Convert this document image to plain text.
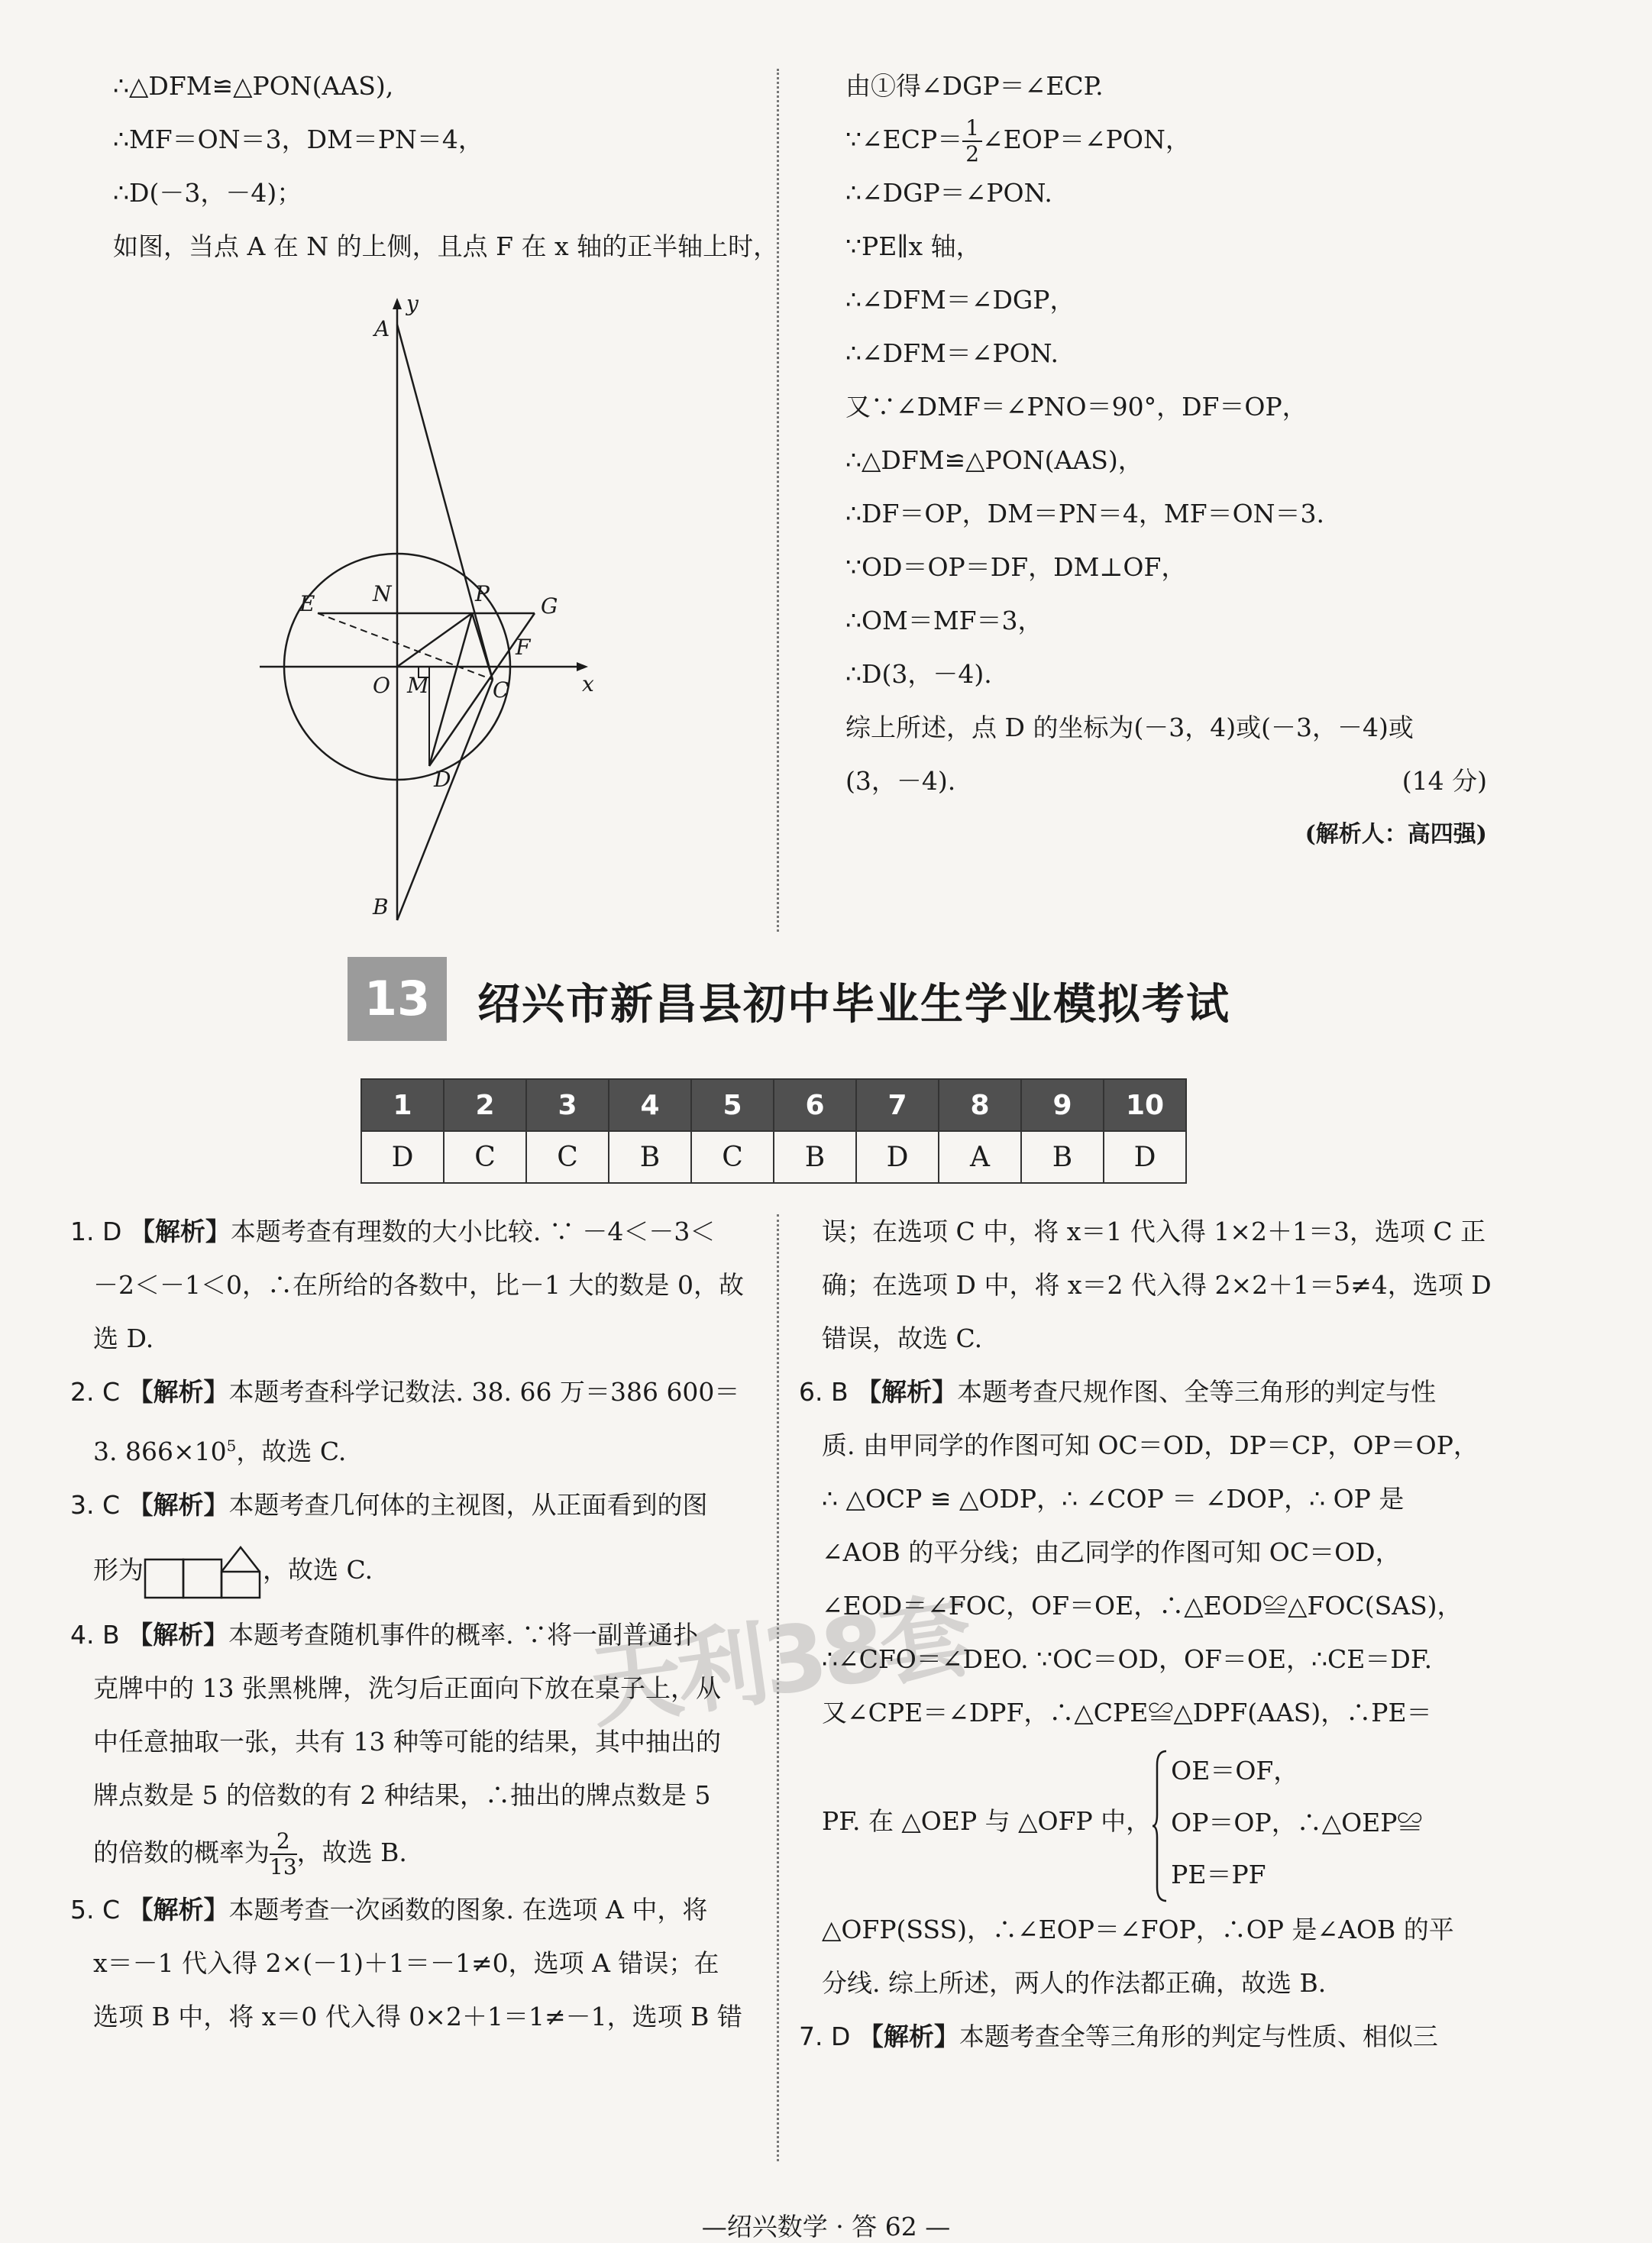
∴△DFM≌△PON(AAS),
∴MF＝ON＝3，DM＝PN＝4，
∴D(－3，－4)；
如图，当点 A 在 N 的上侧，且点 F 在 x 轴的正半轴上时，
y
x
A
E	N	P G
F
O M	C
D
B
由①得∠DGP＝∠ECP.
∵∠ECP＝ $\frac{1}{2}$ ∠EOP＝∠PON，
∴∠DGP＝∠PON.
∵PE∥x 轴，
∴∠DFM＝∠DGP，
∴∠DFM＝∠PON.
又∵∠DMF＝∠PNO＝90°，DF＝OP，
∴△DFM≌△PON(AAS)，
∴DF＝OP，DM＝PN＝4，MF＝ON＝3.
∵OD＝OP＝DF，DM⊥OF，
∴OM＝MF＝3，
∴D(3，－4).
综上所述，点 D 的坐标为(－3，4)或(－3，－4)或
(3，－4).	(14 分)
(解析人：高四强)
13	绍兴市新昌县初中毕业生学业模拟考试
1	2	3	4	5	6	7	8	9	10
D	C	C	B	C	B	D	A	B	D
天利38套
1. D 【解析】本题考查有理数的大小比较. ∵ －4＜－3＜
－2＜－1＜0，∴在所给的各数中，比－1 大的数是 0，故
选 D.
2. C 【解析】本题考查科学记数法. 38. 66 万＝386 600＝
3. $866\times 10^5$，故选 C.
3. C 【解析】本题考查几何体的主视图，从正面看到的图
形为	，故选 C.
4. B 【解析】本题考查随机事件的概率. ∵将一副普通扑
克牌中的 13 张黑桃牌，洗匀后正面向下放在桌子上，从
中任意抽取一张，共有 13 种等可能的结果，其中抽出的
牌点数是 5 的倍数的有 2 种结果，∴抽出的牌点数是 5
的倍数的概率为 $\frac{2}{13}$ ，故选 B.
5. C 【解析】本题考查一次函数的图象. 在选项 A 中，将
x＝－1 代入得 2×(－1)＋1＝－1≠0，选项 A 错误；在
选项 B 中，将 x＝0 代入得 0×2＋1＝1≠－1，选项 B 错
误；在选项 C 中，将 x＝1 代入得 1×2＋1＝3，选项 C 正
确；在选项 D 中，将 x＝2 代入得 2×2＋1＝5≠4，选项 D
错误，故选 C.
6. B 【解析】本题考查尺规作图、全等三角形的判定与性
质. 由甲同学的作图可知 OC＝OD，DP＝CP，OP＝OP，
∴ △OCP ≌ △ODP，∴ ∠COP ＝ ∠DOP，∴ OP 是
∠AOB 的平分线；由乙同学的作图可知 OC＝OD，
∠EOD＝∠FOC，OF＝OE，∴△EOD≌△FOC(SAS)，
∴∠CFO＝∠DEO. ∵OC＝OD，OF＝OE，∴CE＝DF.
又∠CPE＝∠DPF，∴△CPE≌△DPF(AAS)，∴PE＝
PF. 在 △OEP 与 △OFP 中，
OE＝OF，
OP＝OP，∴△OEP≌
PE＝PF
△OFP(SSS)，∴∠EOP＝∠FOP，∴OP 是∠AOB 的平
分线. 综上所述，两人的作法都正确，故选 B.
7. D 【解析】本题考查全等三角形的判定与性质、相似三
—绍兴数学 · 答 62 —
